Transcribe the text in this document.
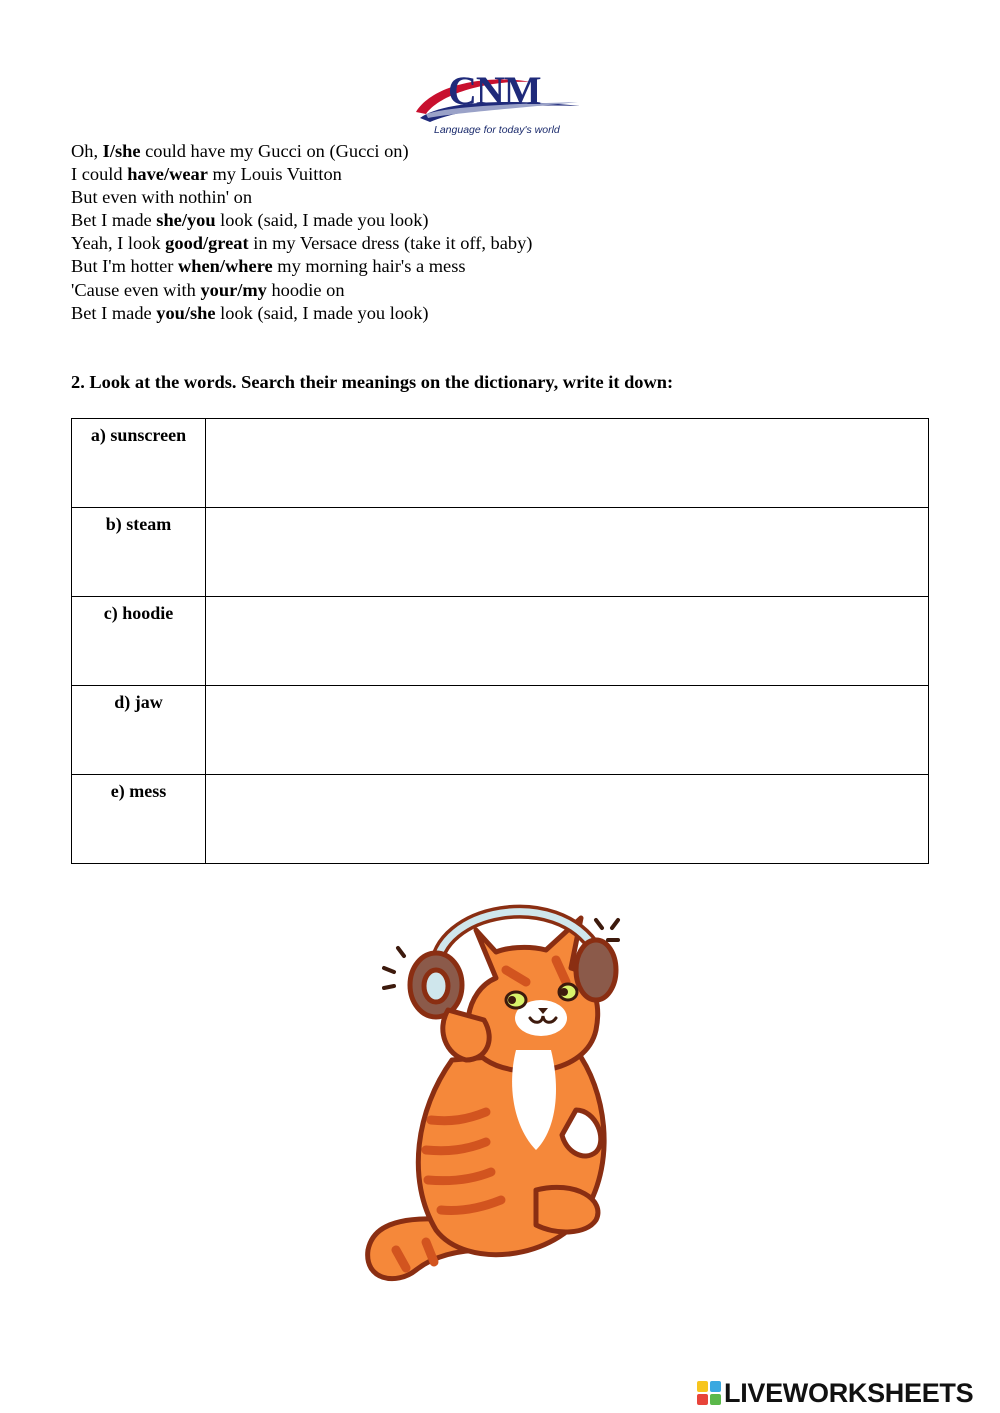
CNM
Language for today's world
Oh, I/she could have my Gucci on (Gucci on)
I could have/wear my Louis Vuitton
But even with nothin' on
Bet I made she/you look (said, I made you look)
Yeah, I look good/great in my Versace dress (take it off, baby)
But I'm hotter when/where my morning hair's a mess
'Cause even with your/my hoodie on
Bet I made you/she look (said, I made you look)
2. Look at the words. Search their meanings on the dictionary, write it down:
a) sunscreen	
b) steam	
c) hoodie	
d) jaw	
e) mess	
LIVEWORKSHEETS
